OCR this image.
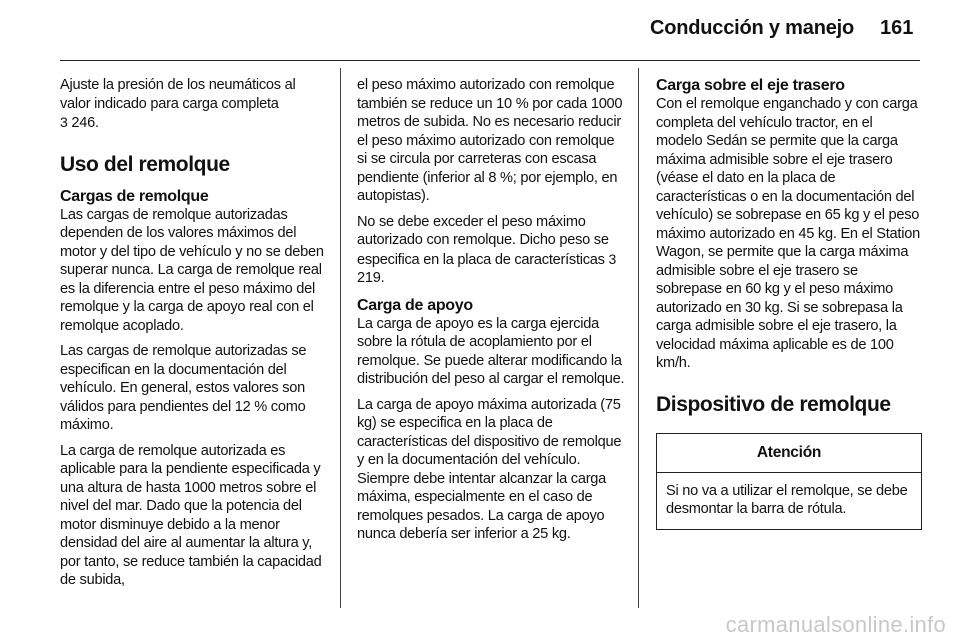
Conducción y manejo 161

Ajuste la presión de los neumáticos al valor indicado para carga completa
3 246.

Uso del remolque
Cargas de remolque

Las cargas de remolque autorizadas dependen de los valores máximos del motor y del tipo de vehículo y no se deben superar nunca. La carga de remolque real es la diferencia entre el peso máximo del remolque y la carga de apoyo real con el remolque acoplado.

Las cargas de remolque autorizadas se especifican en la documentación del vehículo. En general, estos valores son válidos para pendientes del 12 % como máximo.

La carga de remolque autorizada es aplicable para la pendiente especificada y una altura de hasta 1000 metros sobre el nivel del mar. Dado que la potencia del motor disminuye debido a la menor densidad del aire al aumentar la altura y, por tanto, se reduce también la capacidad de subida,

el peso máximo autorizado con remolque también se reduce un 10 % por cada 1000 metros de subida. No es necesario reducir el peso máximo autorizado con remolque si se circula por carreteras con escasa pendiente (inferior al 8 %; por ejemplo, en autopistas).

No se debe exceder el peso máximo autorizado con remolque. Dicho peso se especifica en la placa de características 3 219.

Carga de apoyo

La carga de apoyo es la carga ejercida sobre la rótula de acoplamiento por el remolque. Se puede alterar modificando la distribución del peso al cargar el remolque.

La carga de apoyo máxima autorizada (75 kg) se especifica en la placa de características del dispositivo de remolque y en la documentación del vehículo. Siempre debe intentar alcanzar la carga máxima, especialmente en el caso de remolques pesados. La carga de apoyo nunca debería ser inferior a 25 kg.

Carga sobre el eje trasero

Con el remolque enganchado y con carga completa del vehículo tractor, en el modelo Sedán se permite que la carga máxima admisible sobre el eje trasero (véase el dato en la placa de características o en la documentación del vehículo) se sobrepase en 65 kg y el peso máximo autorizado en 45 kg. En el Station Wagon, se permite que la carga máxima admisible sobre el eje trasero se sobrepase en 60 kg y el peso máximo autorizado en 30 kg. Si se sobrepasa la carga admisible sobre el eje trasero, la velocidad máxima aplicable es de 100 km/h.

Dispositivo de remolque
Atención
Si no va a utilizar el remolque, se debe desmontar la barra de rótula.
carmanualsonline.info
